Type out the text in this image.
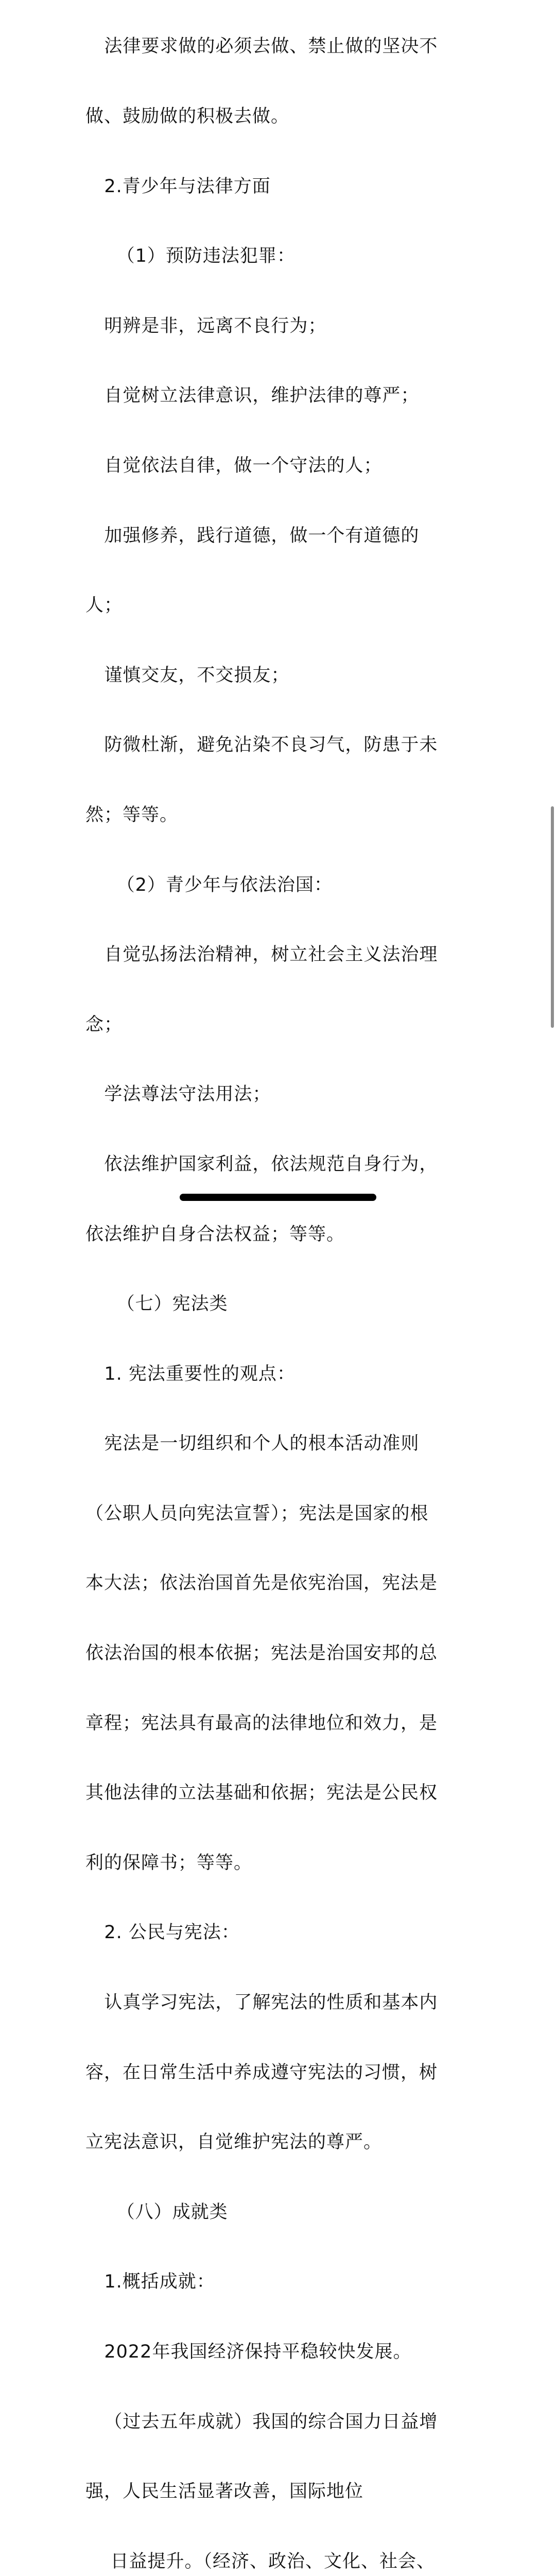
法律要求做的必须去做、禁止做的坚决不

做、鼓励做的积极去做。

2.青少年与法律方面

（1）预防违法犯罪：

明辨是非，远离不良行为；

自觉树立法律意识，维护法律的尊严；

自觉依法自律，做一个守法的人；

加强修养，践行道德，做一个有道德的

人；

谨慎交友，不交损友；

防微杜渐，避免沾染不良习气，防患于未

然；等等。

（2）青少年与依法治国：

自觉弘扬法治精神，树立社会主义法治理

念；

学法尊法守法用法；

依法维护国家利益，依法规范自身行为，

依法维护自身合法权益；等等。

（七）宪法类

1. 宪法重要性的观点：

宪法是一切组织和个人的根本活动准则

（公职人员向宪法宣誓）；宪法是国家的根

本大法；依法治国首先是依宪治国，宪法是

依法治国的根本依据；宪法是治国安邦的总

章程；宪法具有最高的法律地位和效力，是

其他法律的立法基础和依据；宪法是公民权

利的保障书；等等。

2. 公民与宪法：

认真学习宪法，了解宪法的性质和基本内

容，在日常生活中养成遵守宪法的习惯，树

立宪法意识，自觉维护宪法的尊严。

（八）成就类

1.概括成就：

2022年我国经济保持平稳较快发展。

（过去五年成就）我国的综合国力日益增

强，人民生活显著改善，国际地位

日益提升。（经济、政治、文化、社会、
